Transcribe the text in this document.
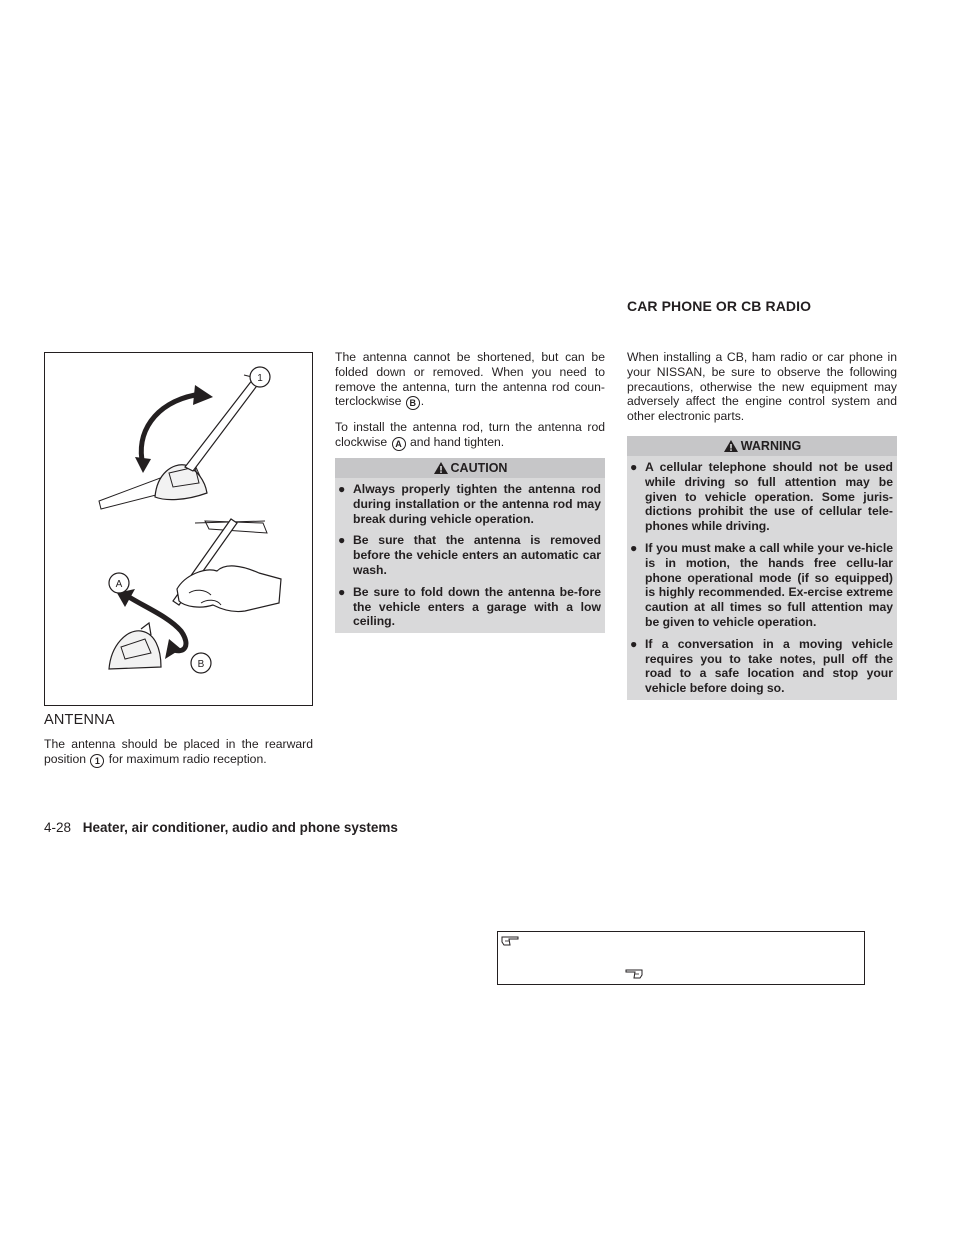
CAR PHONE OR CB RADIO
1
A
B
ANTENNA

The antenna should be placed in the rearward position 1 for maximum radio reception.

The antenna cannot be shortened, but can be folded down or removed. When you need to remove the antenna, turn the antenna rod coun-terclockwise B .

To install the antenna rod, turn the antenna rod clockwise A and hand tighten.

CAUTION
● Always properly tighten the antenna rod during installation or the antenna rod may break during vehicle operation.
● Be sure that the antenna is removed before the vehicle enters an automatic car wash.
● Be sure to fold down the antenna be-fore the vehicle enters a garage with a low ceiling.

When installing a CB, ham radio or car phone in your NISSAN, be sure to observe the following precautions, otherwise the new equipment may adversely affect the engine control system and other electronic parts.

WARNING
● A cellular telephone should not be used while driving so full attention may be given to vehicle operation. Some juris-dictions prohibit the use of cellular tele-phones while driving.
● If you must make a call while your ve-hicle is in motion, the hands free cellu-lar phone operational mode (if so equipped) is highly recommended. Ex-ercise extreme caution at all times so full attention may be given to vehicle operation.
● If a conversation in a moving vehicle requires you to take notes, pull off the road to a safe location and stop your vehicle before doing so.
4-28 Heater, air conditioner, audio and phone systems
